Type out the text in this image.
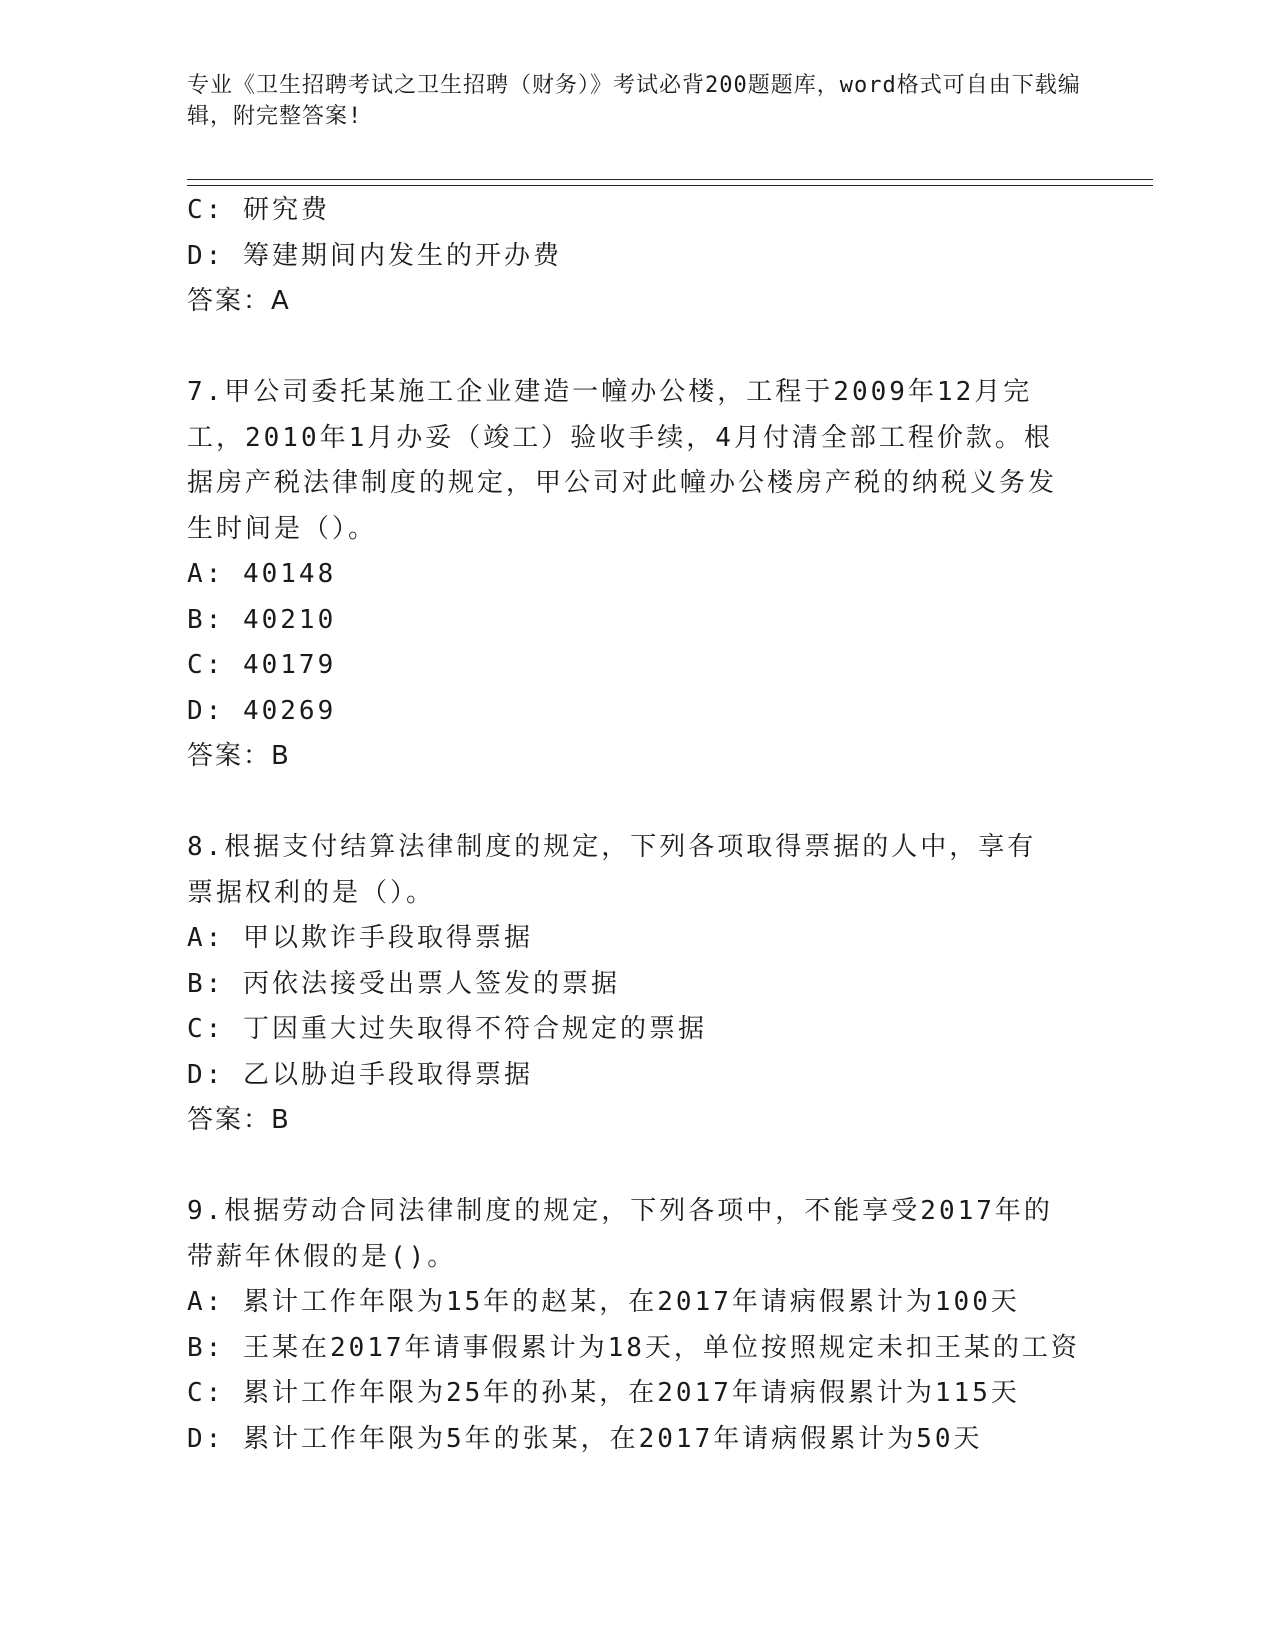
专业《卫生招聘考试之卫生招聘（财务）》考试必背200题题库，word格式可自由下载编辑，附完整答案!
C: 研究费
D: 筹建期间内发生的开办费
答案：A
7.甲公司委托某施工企业建造一幢办公楼，工程于2009年12月完工，2010年1月办妥（竣工）验收手续，4月付清全部工程价款。根据房产税法律制度的规定，甲公司对此幢办公楼房产税的纳税义务发生时间是（）。
A: 40148
B: 40210
C: 40179
D: 40269
答案：B
8.根据支付结算法律制度的规定，下列各项取得票据的人中，享有票据权利的是（）。
A: 甲以欺诈手段取得票据
B: 丙依法接受出票人签发的票据
C: 丁因重大过失取得不符合规定的票据
D: 乙以胁迫手段取得票据
答案：B
9.根据劳动合同法律制度的规定，下列各项中，不能享受2017年的带薪年休假的是()。
A: 累计工作年限为15年的赵某，在2017年请病假累计为100天
B: 王某在2017年请事假累计为18天，单位按照规定未扣王某的工资
C: 累计工作年限为25年的孙某，在2017年请病假累计为115天
D: 累计工作年限为5年的张某，在2017年请病假累计为50天
